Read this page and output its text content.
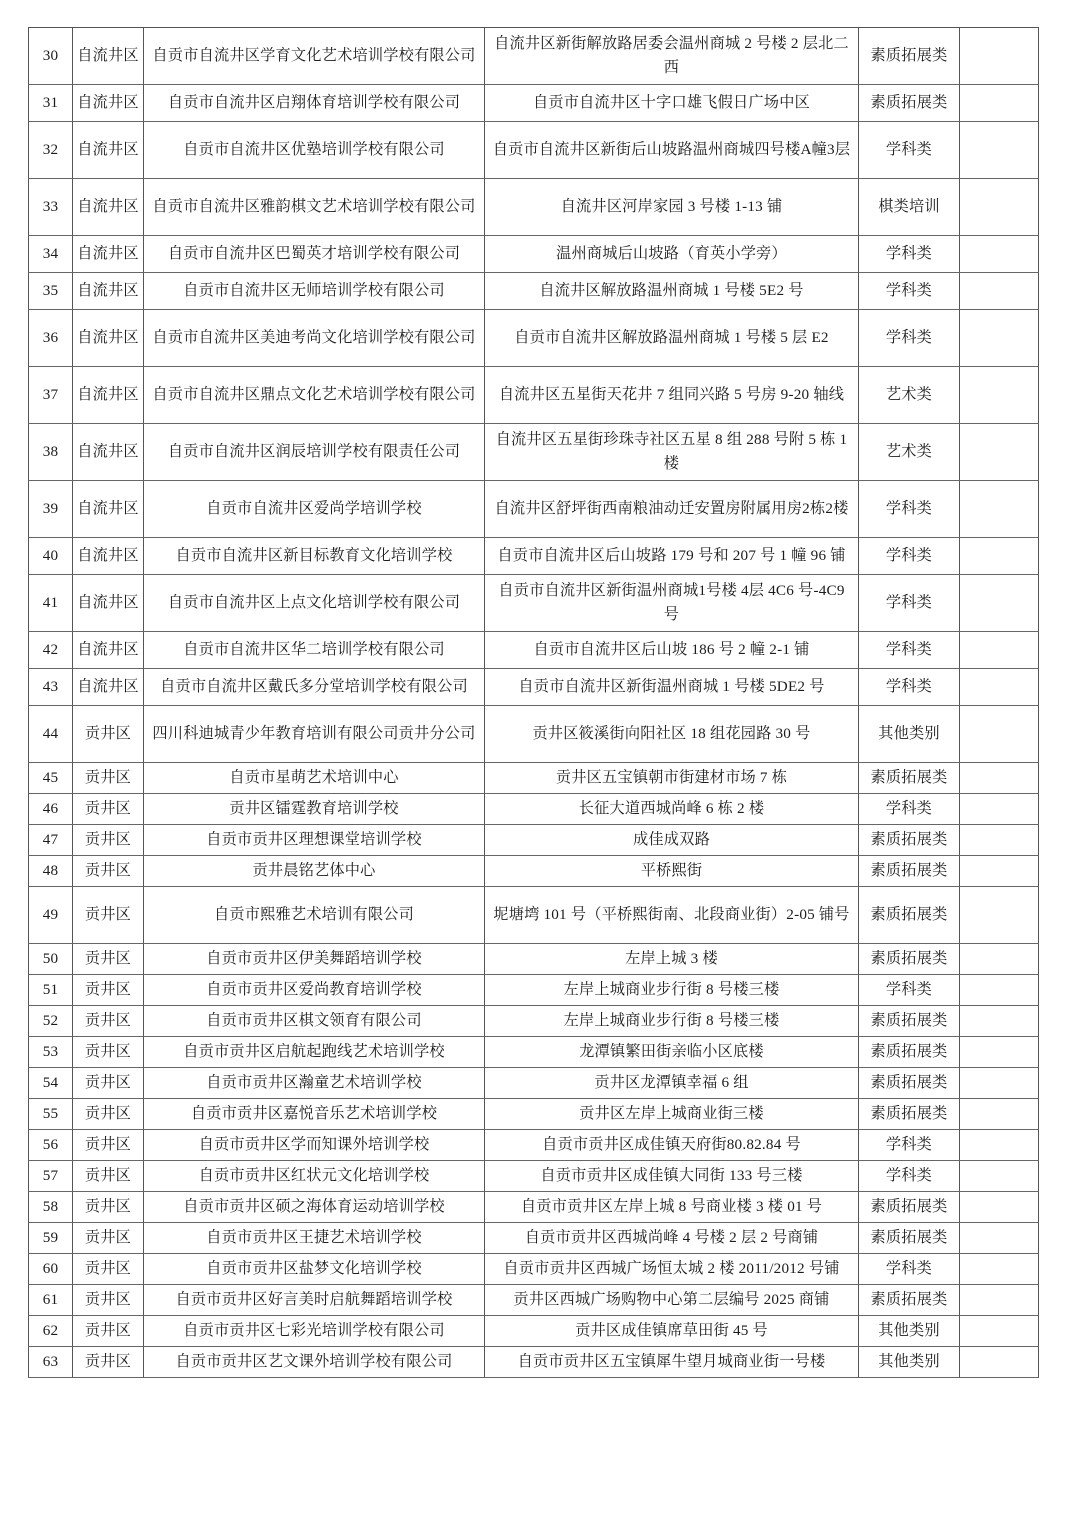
30	自流井区	自贡市自流井区学育文化艺术培训学校有限公司	自流井区新街解放路居委会温州商城 2 号楼 2 层北二西	素质拓展类	
31	自流井区	自贡市自流井区启翔体育培训学校有限公司	自贡市自流井区十字口雄飞假日广场中区	素质拓展类	
32	自流井区	自贡市自流井区优塾培训学校有限公司	自贡市自流井区新街后山坡路温州商城四号楼A幢3层	学科类	
33	自流井区	自贡市自流井区雅韵棋文艺术培训学校有限公司	自流井区河岸家园 3 号楼 1-13 铺	棋类培训	
34	自流井区	自贡市自流井区巴蜀英才培训学校有限公司	温州商城后山坡路（育英小学旁）	学科类	
35	自流井区	自贡市自流井区无师培训学校有限公司	自流井区解放路温州商城 1 号楼 5E2 号	学科类	
36	自流井区	自贡市自流井区美迪考尚文化培训学校有限公司	自贡市自流井区解放路温州商城 1 号楼 5 层 E2	学科类	
37	自流井区	自贡市自流井区鼎点文化艺术培训学校有限公司	自流井区五星街天花井 7 组同兴路 5 号房 9-20 轴线	艺术类	
38	自流井区	自贡市自流井区润辰培训学校有限责任公司	自流井区五星街珍珠寺社区五星 8 组 288 号附 5 栋 1 楼	艺术类	
39	自流井区	自贡市自流井区爱尚学培训学校	自流井区舒坪街西南粮油动迁安置房附属用房2栋2楼	学科类	
40	自流井区	自贡市自流井区新目标教育文化培训学校	自贡市自流井区后山坡路 179 号和 207 号 1 幢 96 铺	学科类	
41	自流井区	自贡市自流井区上点文化培训学校有限公司	自贡市自流井区新街温州商城1号楼 4层 4C6 号-4C9 号	学科类	
42	自流井区	自贡市自流井区华二培训学校有限公司	自贡市自流井区后山坡 186 号 2 幢 2-1 铺	学科类	
43	自流井区	自贡市自流井区戴氏多分堂培训学校有限公司	自贡市自流井区新街温州商城 1 号楼 5DE2 号	学科类	
44	贡井区	四川科迪城青少年教育培训有限公司贡井分公司	贡井区筱溪街向阳社区 18 组花园路 30 号	其他类别	
45	贡井区	自贡市星萌艺术培训中心	贡井区五宝镇朝市街建材市场 7 栋	素质拓展类	
46	贡井区	贡井区镭霆教育培训学校	长征大道西城尚峰 6 栋 2 楼	学科类	
47	贡井区	自贡市贡井区理想课堂培训学校	成佳成双路	素质拓展类	
48	贡井区	贡井晨铭艺体中心	平桥熙街	素质拓展类	
49	贡井区	自贡市熙雅艺术培训有限公司	坭塘塆 101 号（平桥熙街南、北段商业街）2-05 铺号	素质拓展类	
50	贡井区	自贡市贡井区伊美舞蹈培训学校	左岸上城 3 楼	素质拓展类	
51	贡井区	自贡市贡井区爱尚教育培训学校	左岸上城商业步行街 8 号楼三楼	学科类	
52	贡井区	自贡市贡井区棋文领育有限公司	左岸上城商业步行街 8 号楼三楼	素质拓展类	
53	贡井区	自贡市贡井区启航起跑线艺术培训学校	龙潭镇繁田街亲临小区底楼	素质拓展类	
54	贡井区	自贡市贡井区瀚童艺术培训学校	贡井区龙潭镇幸福 6 组	素质拓展类	
55	贡井区	自贡市贡井区嘉悦音乐艺术培训学校	贡井区左岸上城商业街三楼	素质拓展类	
56	贡井区	自贡市贡井区学而知课外培训学校	自贡市贡井区成佳镇天府街80.82.84 号	学科类	
57	贡井区	自贡市贡井区红状元文化培训学校	自贡市贡井区成佳镇大同街 133 号三楼	学科类	
58	贡井区	自贡市贡井区硕之海体育运动培训学校	自贡市贡井区左岸上城 8 号商业楼 3 楼 01 号	素质拓展类	
59	贡井区	自贡市贡井区王捷艺术培训学校	自贡市贡井区西城尚峰 4 号楼 2 层 2 号商铺	素质拓展类	
60	贡井区	自贡市贡井区盐梦文化培训学校	自贡市贡井区西城广场恒太城 2 楼 2011/2012 号铺	学科类	
61	贡井区	自贡市贡井区好言美时启航舞蹈培训学校	贡井区西城广场购物中心第二层编号 2025 商铺	素质拓展类	
62	贡井区	自贡市贡井区七彩光培训学校有限公司	贡井区成佳镇席草田街 45 号	其他类别	
63	贡井区	自贡市贡井区艺文课外培训学校有限公司	自贡市贡井区五宝镇犀牛望月城商业街一号楼	其他类别	
